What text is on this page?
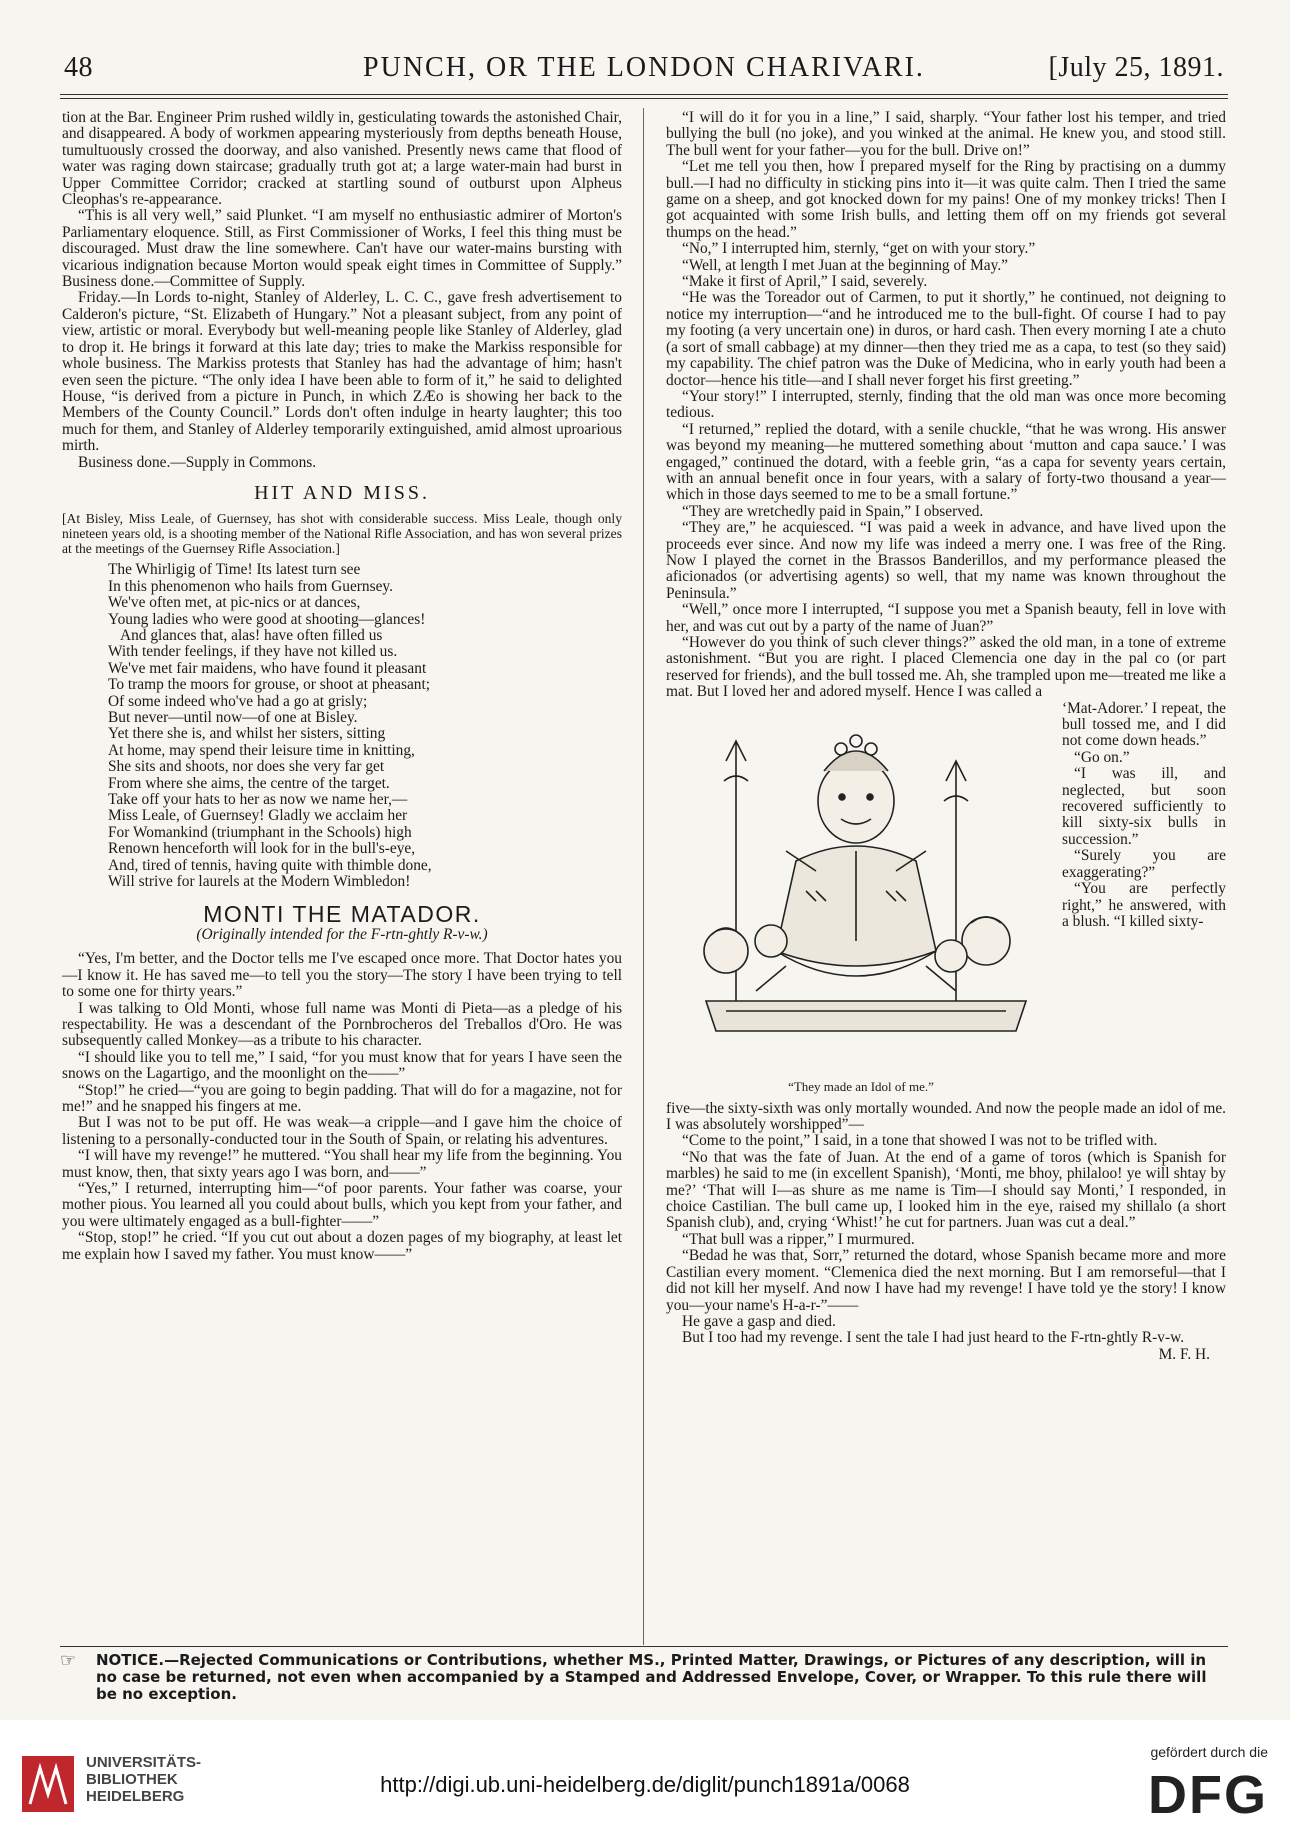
48	PUNCH, OR THE LONDON CHARIVARI.	[July 25, 1891.

tion at the Bar. Engineer Prim rushed wildly in, gesticulating towards the astonished Chair, and disappeared. A body of workmen appearing mysteriously from depths beneath House, tumultuously crossed the doorway, and also vanished. Presently news came that flood of water was raging down staircase; gradually truth got at; a large water-main had burst in Upper Committee Corridor; cracked at startling sound of outburst upon Alpheus Cleophas's re-appearance.

“This is all very well,” said Plunket. “I am myself no enthusiastic admirer of Morton's Parliamentary eloquence. Still, as First Commissioner of Works, I feel this thing must be discouraged. Must draw the line somewhere. Can't have our water-mains bursting with vicarious indignation because Morton would speak eight times in Committee of Supply.” Business done.—Committee of Supply.

Friday.—In Lords to-night, Stanley of Alderley, L. C. C., gave fresh advertisement to Calderon's picture, “St. Elizabeth of Hungary.” Not a pleasant subject, from any point of view, artistic or moral. Everybody but well-meaning people like Stanley of Alderley, glad to drop it. He brings it forward at this late day; tries to make the Markiss responsible for whole business. The Markiss protests that Stanley has had the advantage of him; hasn't even seen the picture. “The only idea I have been able to form of it,” he said to delighted House, “is derived from a picture in Punch, in which ZÆo is showing her back to the Members of the County Council.” Lords don't often indulge in hearty laughter; this too much for them, and Stanley of Alderley temporarily extinguished, amid almost uproarious mirth.

Business done.—Supply in Commons.

HIT AND MISS.

[At Bisley, Miss Leale, of Guernsey, has shot with considerable success. Miss Leale, though only nineteen years old, is a shooting member of the National Rifle Association, and has won several prizes at the meetings of the Guernsey Rifle Association.]

The Whirligig of Time! Its latest turn see
In this phenomenon who hails from Guernsey.
We've often met, at pic-nics or at dances,
Young ladies who were good at shooting—glances!
And glances that, alas! have often filled us
With tender feelings, if they have not killed us.
We've met fair maidens, who have found it pleasant
To tramp the moors for grouse, or shoot at pheasant;
Of some indeed who've had a go at grisly;
But never—until now—of one at Bisley.
Yet there she is, and whilst her sisters, sitting
At home, may spend their leisure time in knitting,
She sits and shoots, nor does she very far get
From where she aims, the centre of the target.
Take off your hats to her as now we name her,—
Miss Leale, of Guernsey! Gladly we acclaim her
For Womankind (triumphant in the Schools) high
Renown henceforth will look for in the bull's-eye,
And, tired of tennis, having quite with thimble done,
Will strive for laurels at the Modern Wimbledon!
MONTI THE MATADOR.
(Originally intended for the F-rtn-ghtly R-v-w.)

“Yes, I'm better, and the Doctor tells me I've escaped once more. That Doctor hates you—I know it. He has saved me—to tell you the story—The story I have been trying to tell to some one for thirty years.”

I was talking to Old Monti, whose full name was Monti di Pieta—as a pledge of his respectability. He was a descendant of the Pornbrocheros del Treballos d'Oro. He was subsequently called Monkey—as a tribute to his character.

“I should like you to tell me,” I said, “for you must know that for years I have seen the snows on the Lagartigo, and the moonlight on the——”

“Stop!” he cried—“you are going to begin padding. That will do for a magazine, not for me!” and he snapped his fingers at me.

But I was not to be put off. He was weak—a cripple—and I gave him the choice of listening to a personally-conducted tour in the South of Spain, or relating his adventures.

“I will have my revenge!” he muttered. “You shall hear my life from the beginning. You must know, then, that sixty years ago I was born, and——”

“Yes,” I returned, interrupting him—“of poor parents. Your father was coarse, your mother pious. You learned all you could about bulls, which you kept from your father, and you were ultimately engaged as a bull-fighter——”

“Stop, stop!” he cried. “If you cut out about a dozen pages of my biography, at least let me explain how I saved my father. You must know——”

“I will do it for you in a line,” I said, sharply. “Your father lost his temper, and tried bullying the bull (no joke), and you winked at the animal. He knew you, and stood still. The bull went for your father—you for the bull. Drive on!”

“Let me tell you then, how I prepared myself for the Ring by practising on a dummy bull.—I had no difficulty in sticking pins into it—it was quite calm. Then I tried the same game on a sheep, and got knocked down for my pains! One of my monkey tricks! Then I got acquainted with some Irish bulls, and letting them off on my friends got several thumps on the head.”

“No,” I interrupted him, sternly, “get on with your story.”

“Well, at length I met Juan at the beginning of May.”

“Make it first of April,” I said, severely.

“He was the Toreador out of Carmen, to put it shortly,” he continued, not deigning to notice my interruption—“and he introduced me to the bull-fight. Of course I had to pay my footing (a very uncertain one) in duros, or hard cash. Then every morning I ate a chuto (a sort of small cabbage) at my dinner—then they tried me as a capa, to test (so they said) my capability. The chief patron was the Duke of Medicina, who in early youth had been a doctor—hence his title—and I shall never forget his first greeting.”

“Your story!” I interrupted, sternly, finding that the old man was once more becoming tedious.

“I returned,” replied the dotard, with a senile chuckle, “that he was wrong. His answer was beyond my meaning—he muttered something about ‘mutton and capa sauce.’ I was engaged,” continued the dotard, with a feeble grin, “as a capa for seventy years certain, with an annual benefit once in four years, with a salary of forty-two thousand a year—which in those days seemed to me to be a small fortune.”

“They are wretchedly paid in Spain,” I observed.

“They are,” he acquiesced. “I was paid a week in advance, and have lived upon the proceeds ever since. And now my life was indeed a merry one. I was free of the Ring. Now I played the cornet in the Brassos Banderillos, and my performance pleased the aficionados (or advertising agents) so well, that my name was known throughout the Peninsula.”

“Well,” once more I interrupted, “I suppose you met a Spanish beauty, fell in love with her, and was cut out by a party of the name of Juan?”

“However do you think of such clever things?” asked the old man, in a tone of extreme astonishment. “But you are right. I placed Clemencia one day in the pal co (or part reserved for friends), and the bull tossed me. Ah, she trampled upon me—treated me like a mat. But I loved her and adored myself. Hence I was called a

“They made an Idol of me.”

‘Mat-Adorer.’ I repeat, the bull tossed me, and I did not come down heads.”

“Go on.”

“I was ill, and neglected, but soon recovered sufficiently to kill sixty-six bulls in succession.”

“Surely you are exaggerating?”

“You are perfectly right,” he answered, with a blush. “I killed sixty-

five—the sixty-sixth was only mortally wounded. And now the people made an idol of me. I was absolutely worshipped”—

“Come to the point,” I said, in a tone that showed I was not to be trifled with.

“No that was the fate of Juan. At the end of a game of toros (which is Spanish for marbles) he said to me (in excellent Spanish), ‘Monti, me bhoy, philaloo! ye will shtay by me?’ ‘That will I—as shure as me name is Tim—I should say Monti,’ I responded, in choice Castilian. The bull came up, I looked him in the eye, raised my shillalo (a short Spanish club), and, crying ‘Whist!’ he cut for partners. Juan was cut a deal.”

“That bull was a ripper,” I murmured.

“Bedad he was that, Sorr,” returned the dotard, whose Spanish became more and more Castilian every moment. “Clemenica died the next morning. But I am remorseful—that I did not kill her myself. And now I have had my revenge! I have told ye the story! I know you—your name's H-a-r-”——

He gave a gasp and died.

But I too had my revenge. I sent the tale I had just heard to the F-rtn-ghtly R-v-w.

M. F. H.
☞ NOTICE.—Rejected Communications or Contributions, whether MS., Printed Matter, Drawings, or Pictures of any description, will in no case be returned, not even when accompanied by a Stamped and Addressed Envelope, Cover, or Wrapper. To this rule there will be no exception.
UNIVERSITÄTS-
BIBLIOTHEK
HEIDELBERG	http://digi.ub.uni-heidelberg.de/diglit/punch1891a/0068
gefördert durch die
DFG
